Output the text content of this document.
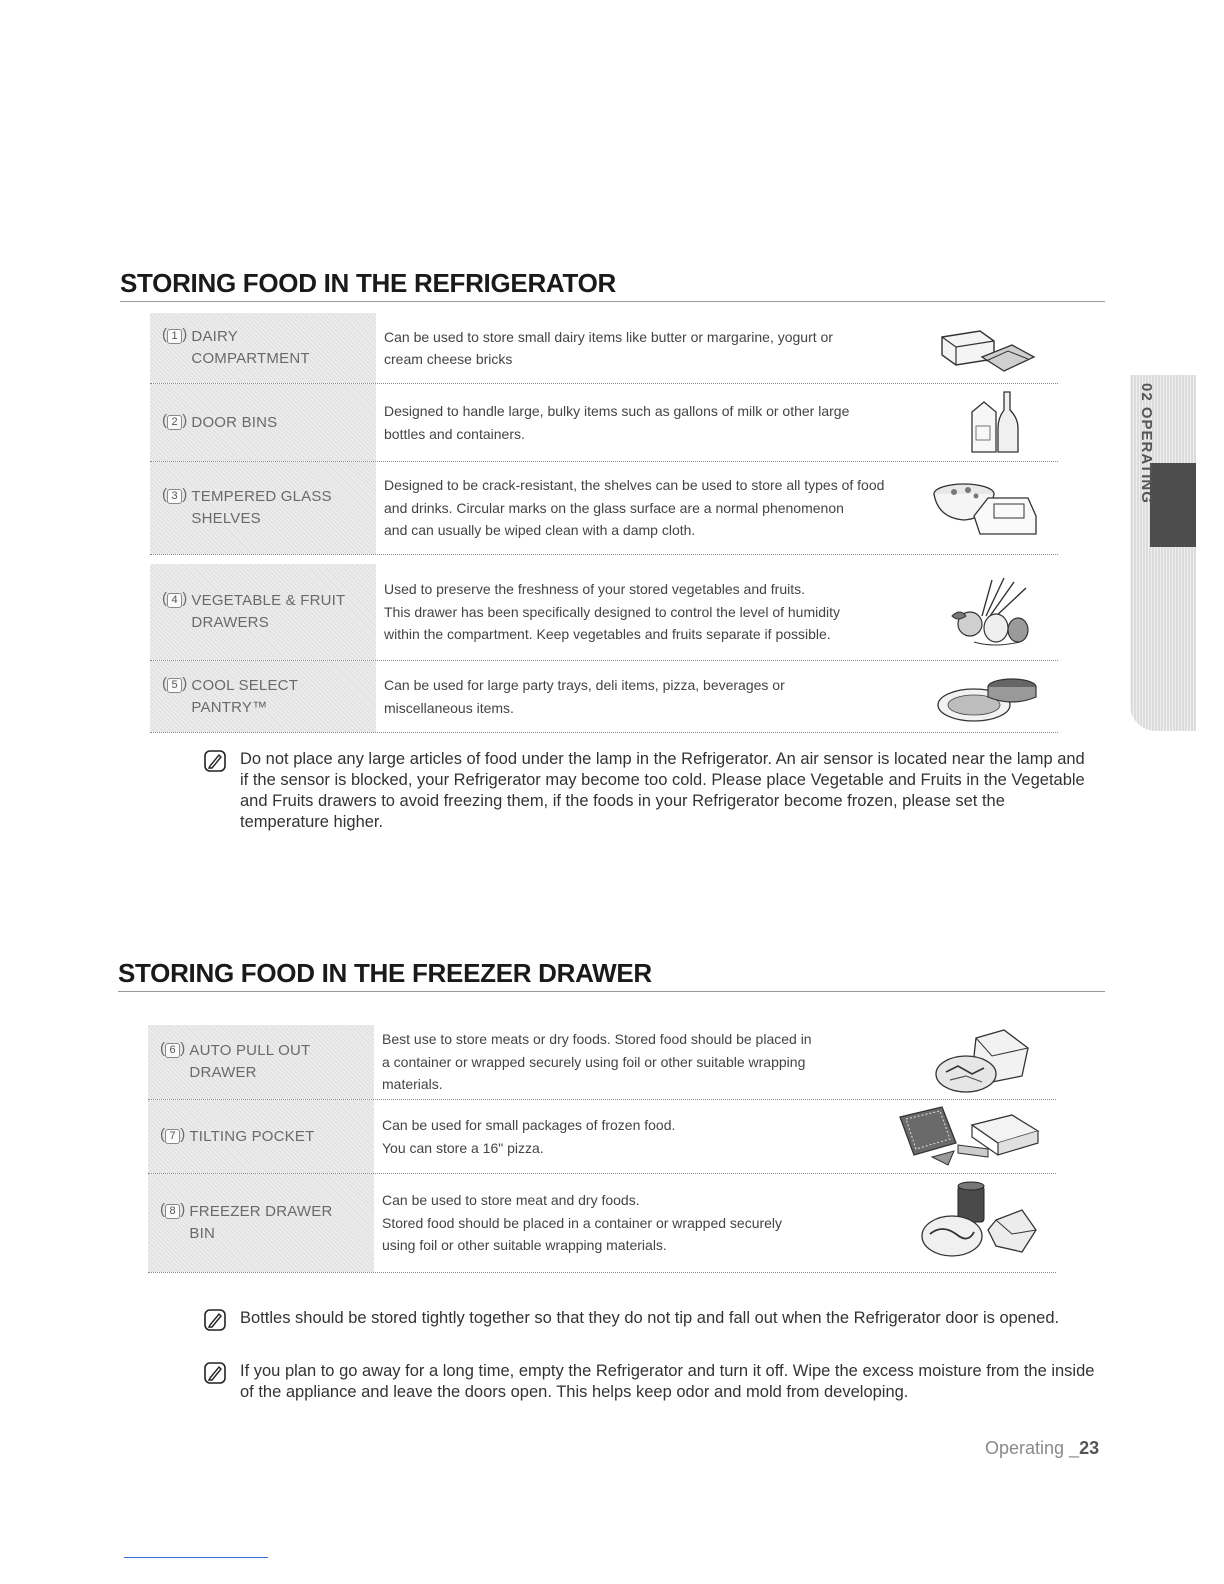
02 OPERATING
STORING FOOD IN THE REFRIGERATOR
( 1 ) DAIRY
COMPARTMENT
Can be used to store small dairy items like butter or margarine, yogurt or
cream cheese bricks
( 2 ) DOOR BINS
Designed to handle large, bulky items such as gallons of milk or other large
bottles and containers.
( 3 ) TEMPERED GLASS
SHELVES
Designed to be crack-resistant, the shelves can be used to store all types of food
and drinks. Circular marks on the glass surface are a normal phenomenon
and can usually be wiped clean with a damp cloth.
( 4 ) VEGETABLE & FRUIT
DRAWERS
Used to preserve the freshness of your stored vegetables and fruits.
This drawer has been specifically designed to control the level of humidity
within the compartment. Keep vegetables and fruits separate if possible.
( 5 ) COOL SELECT
PANTRY™
Can be used for large party trays, deli items, pizza, beverages or
miscellaneous items.
Do not place any large articles of food under the lamp in the Refrigerator. An air sensor is located near the lamp and if the sensor is blocked, your Refrigerator may become too cold. Please place Vegetable and Fruits in the Vegetable and Fruits drawers to avoid freezing them, if the foods in your Refrigerator become frozen, please set the temperature higher.
STORING FOOD IN THE FREEZER DRAWER
( 6 ) AUTO PULL OUT
DRAWER
Best use to store meats or dry foods. Stored food should be placed in
a container or wrapped securely using foil or other suitable wrapping
materials.
( 7 ) TILTING POCKET
Can be used for small packages of frozen food.
You can store a 16" pizza.
( 8 ) FREEZER DRAWER
BIN
Can be used to store meat and dry foods.
Stored food should be placed in a container or wrapped securely
using foil or other suitable wrapping materials.
Bottles should be stored tightly together so that they do not tip and fall out when the Refrigerator door is opened.
If you plan to go away for a long time, empty the Refrigerator and turn it off. Wipe the excess moisture from the inside of the appliance and leave the doors open. This helps keep odor and mold from developing.
Operating _23
